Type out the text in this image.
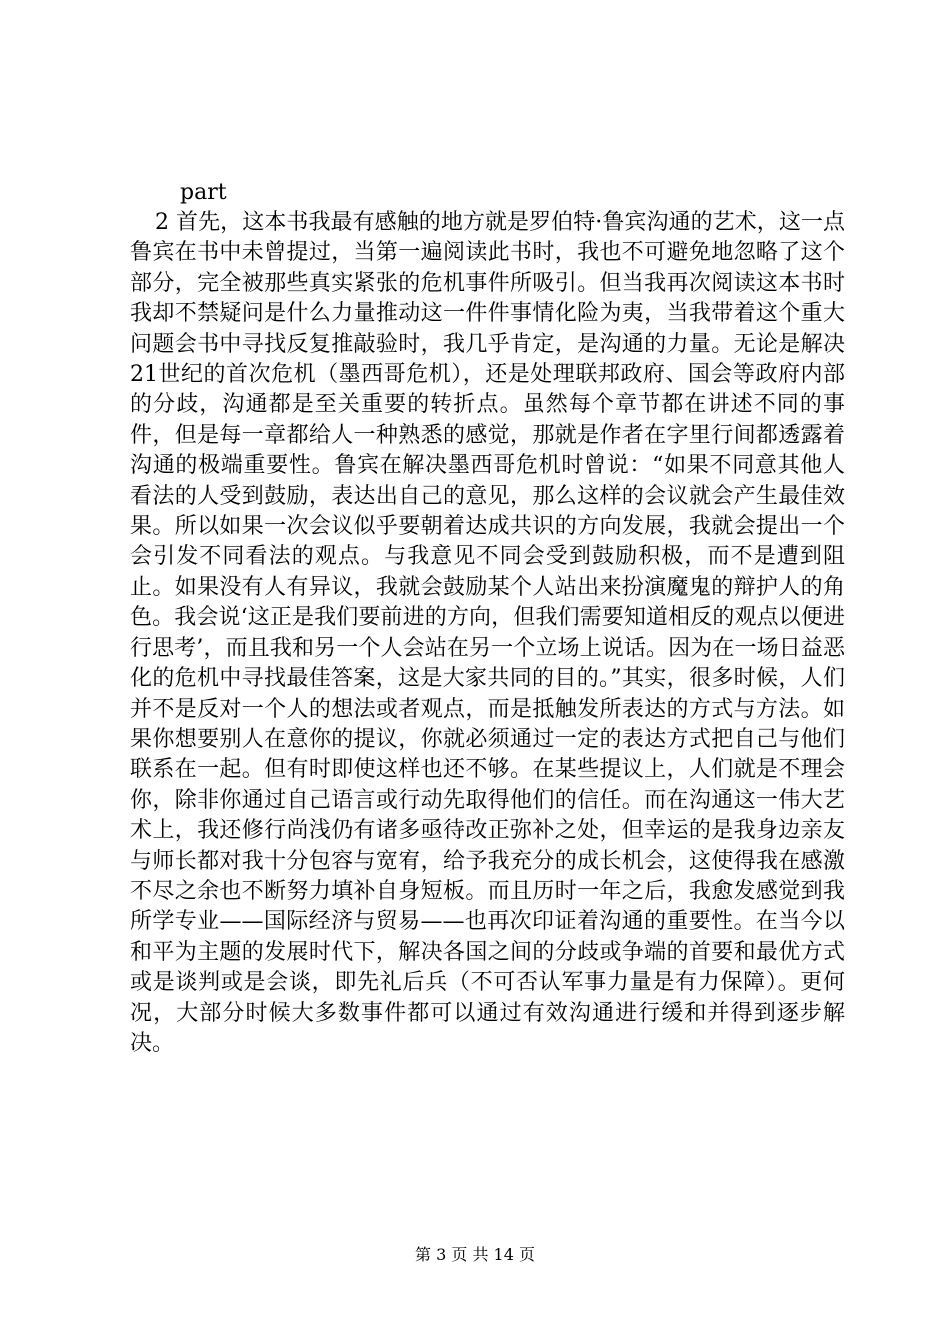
part

2 首先，这本书我最有感触的地方就是罗伯特·鲁宾沟通的艺术，这一点鲁宾在书中未曾提过，当第一遍阅读此书时，我也不可避免地忽略了这个部分，完全被那些真实紧张的危机事件所吸引。但当我再次阅读这本书时我却不禁疑问是什么力量推动这一件件事情化险为夷，当我带着这个重大问题会书中寻找反复推敲验时，我几乎肯定，是沟通的力量。无论是解决21世纪的首次危机（墨西哥危机），还是处理联邦政府、国会等政府内部的分歧，沟通都是至关重要的转折点。虽然每个章节都在讲述不同的事件，但是每一章都给人一种熟悉的感觉，那就是作者在字里行间都透露着沟通的极端重要性。鲁宾在解决墨西哥危机时曾说：“如果不同意其他人看法的人受到鼓励，表达出自己的意见，那么这样的会议就会产生最佳效果。所以如果一次会议似乎要朝着达成共识的方向发展，我就会提出一个会引发不同看法的观点。与我意见不同会受到鼓励积极，而不是遭到阻止。如果没有人有异议，我就会鼓励某个人站出来扮演魔鬼的辩护人的角色。我会说‘这正是我们要前进的方向，但我们需要知道相反的观点以便进行思考’，而且我和另一个人会站在另一个立场上说话。因为在一场日益恶化的危机中寻找最佳答案，这是大家共同的目的。”其实，很多时候，人们并不是反对一个人的想法或者观点，而是抵触发所表达的方式与方法。如果你想要别人在意你的提议，你就必须通过一定的表达方式把自己与他们联系在一起。但有时即使这样也还不够。在某些提议上，人们就是不理会你，除非你通过自己语言或行动先取得他们的信任。而在沟通这一伟大艺术上，我还修行尚浅仍有诸多亟待改正弥补之处，但幸运的是我身边亲友与师长都对我十分包容与宽宥，给予我充分的成长机会，这使得我在感激不尽之余也不断努力填补自身短板。而且历时一年之后，我愈发感觉到我所学专业——国际经济与贸易——也再次印证着沟通的重要性。在当今以和平为主题的发展时代下，解决各国之间的分歧或争端的首要和最优方式或是谈判或是会谈，即先礼后兵（不可否认军事力量是有力保障）。更何况，大部分时候大多数事件都可以通过有效沟通进行缓和并得到逐步解决。

第 3 页 共 14 页
